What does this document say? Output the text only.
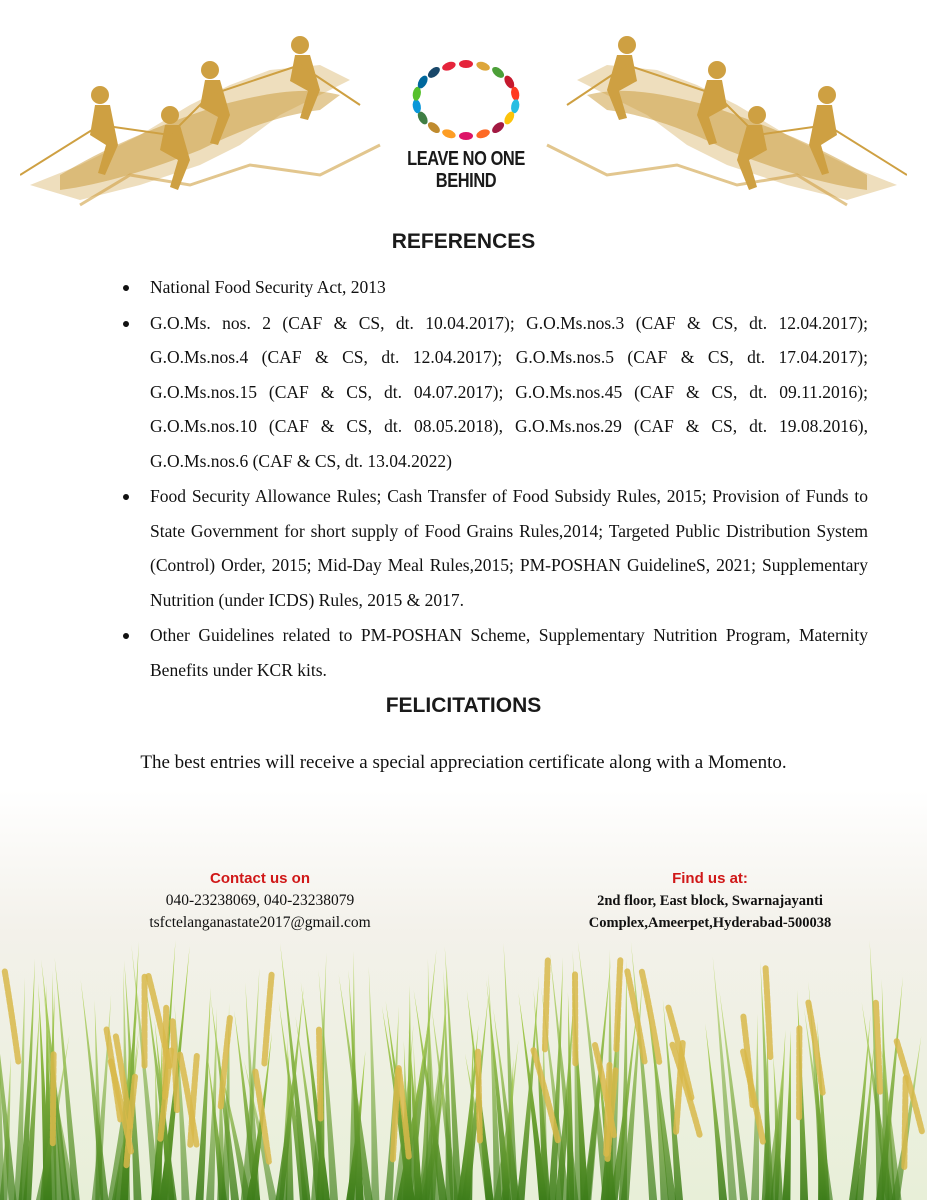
LEAVE NO ONE
BEHIND
REFERENCES
National Food Security Act, 2013
G.O.Ms. nos. 2 (CAF & CS, dt. 10.04.2017); G.O.Ms.nos.3 (CAF & CS, dt. 12.04.2017); G.O.Ms.nos.4 (CAF & CS, dt. 12.04.2017); G.O.Ms.nos.5 (CAF & CS, dt. 17.04.2017); G.O.Ms.nos.15 (CAF & CS, dt. 04.07.2017); G.O.Ms.nos.45 (CAF & CS, dt. 09.11.2016); G.O.Ms.nos.10 (CAF & CS, dt. 08.05.2018), G.O.Ms.nos.29 (CAF & CS, dt. 19.08.2016), G.O.Ms.nos.6 (CAF & CS, dt. 13.04.2022)
Food Security Allowance Rules; Cash Transfer of Food Subsidy Rules, 2015; Provision of Funds to State Government for short supply of Food Grains Rules,2014; Targeted Public Distribution System (Control) Order, 2015; Mid-Day Meal Rules,2015; PM-POSHAN GuidelineS, 2021; Supplementary Nutrition (under ICDS) Rules, 2015 & 2017.
Other Guidelines related to PM-POSHAN Scheme, Supplementary Nutrition Program, Maternity Benefits under KCR kits.
FELICITATIONS
The best entries will receive a special appreciation certificate along with a Momento.
Contact us on
040-23238069, 040-23238079
tsfctelanganastate2017@gmail.com
Find us at:
2nd floor, East block, Swarnajayanti
Complex,Ameerpet,Hyderabad-500038
